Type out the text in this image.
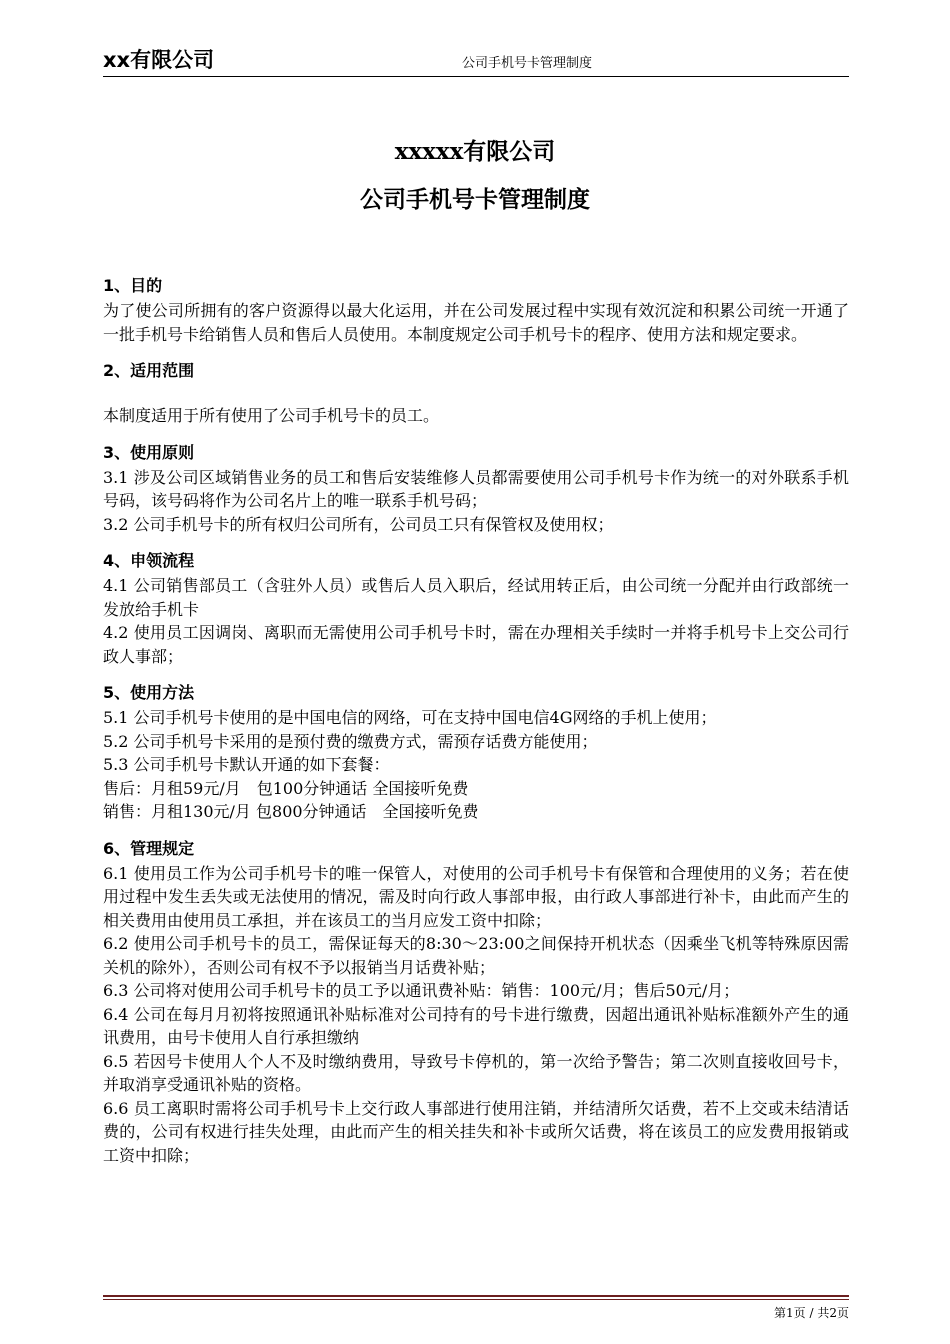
xx有限公司	公司手机号卡管理制度
xxxxx有限公司
公司手机号卡管理制度

1、目的

为了使公司所拥有的客户资源得以最大化运用，并在公司发展过程中实现有效沉淀和积累公司统一开通了一批手机号卡给销售人员和售后人员使用。本制度规定公司手机号卡的程序、使用方法和规定要求。

2、适用范围

本制度适用于所有使用了公司手机号卡的员工。

3、使用原则

3.1 涉及公司区域销售业务的员工和售后安装维修人员都需要使用公司手机号卡作为统一的对外联系手机号码，该号码将作为公司名片上的唯一联系手机号码；

3.2 公司手机号卡的所有权归公司所有，公司员工只有保管权及使用权；

4、申领流程

4.1 公司销售部员工（含驻外人员）或售后人员入职后，经试用转正后，由公司统一分配并由行政部统一发放给手机卡

4.2 使用员工因调岗、离职而无需使用公司手机号卡时，需在办理相关手续时一并将手机号卡上交公司行政人事部；

5、使用方法

5.1 公司手机号卡使用的是中国电信的网络，可在支持中国电信4G网络的手机上使用；

5.2 公司手机号卡采用的是预付费的缴费方式，需预存话费方能使用；

5.3 公司手机号卡默认开通的如下套餐：

售后：月租59元/月　包100分钟通话 全国接听免费

销售：月租130元/月 包800分钟通话　全国接听免费

6、管理规定

6.1 使用员工作为公司手机号卡的唯一保管人，对使用的公司手机号卡有保管和合理使用的义务；若在使用过程中发生丢失或无法使用的情况，需及时向行政人事部申报，由行政人事部进行补卡，由此而产生的相关费用由使用员工承担，并在该员工的当月应发工资中扣除；

6.2 使用公司手机号卡的员工，需保证每天的8:30～23:00之间保持开机状态（因乘坐飞机等特殊原因需关机的除外），否则公司有权不予以报销当月话费补贴；

6.3 公司将对使用公司手机号卡的员工予以通讯费补贴：销售：100元/月；售后50元/月；

6.4 公司在每月月初将按照通讯补贴标准对公司持有的号卡进行缴费，因超出通讯补贴标准额外产生的通讯费用，由号卡使用人自行承担缴纳

6.5 若因号卡使用人个人不及时缴纳费用，导致号卡停机的，第一次给予警告；第二次则直接收回号卡，并取消享受通讯补贴的资格。

6.6 员工离职时需将公司手机号卡上交行政人事部进行使用注销，并结清所欠话费，若不上交或未结清话费的，公司有权进行挂失处理，由此而产生的相关挂失和补卡或所欠话费，将在该员工的应发费用报销或工资中扣除；

第1页 / 共2页
